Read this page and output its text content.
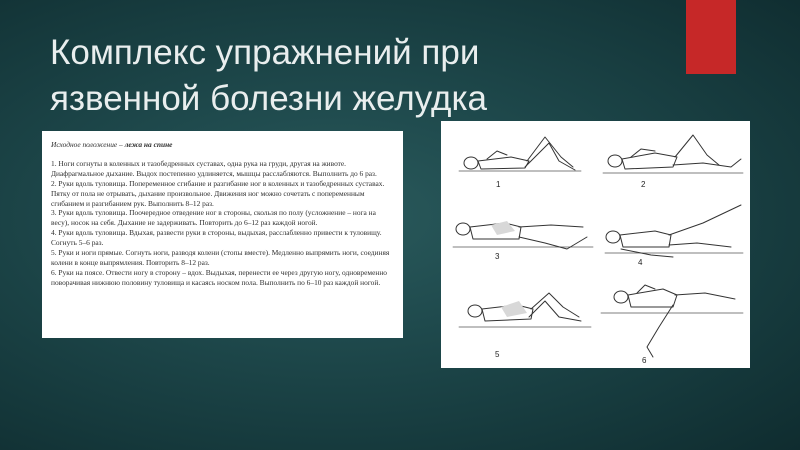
Комплекс упражнений при язвенной болезни желудка
Исходное положение – лежа на спине

1. Ноги согнуты в коленных и тазобедренных суставах, одна рука на груди, другая на животе. Диафрагмальное дыхание. Выдох постепенно удлиняется, мышцы расслабляются. Выполнить до 6 раз.

2. Руки вдоль туловища. Попеременное сгибание и разгибание ног в коленных и тазобедренных суставах. Пятку от пола не отрывать, дыхание произвольное. Движения ног можно сочетать с попеременным сгибанием и разгибанием рук. Выполнить 8–12 раз.

3. Руки вдоль туловища. Поочередное отведение ног в стороны, скользя по полу (усложнение – нога на весу), носок на себя. Дыхание не задерживать. Повторить до 6–12 раз каждой ногой.

4. Руки вдоль туловища. Вдыхая, развести руки в стороны, выдыхая, расслабленно привести к туловищу. Согнуть 5–6 раз.

5. Руки и ноги прямые. Согнуть ноги, разводя колени (стопы вместе). Медленно выпрямить ноги, соединяя колени в конце выпрямления. Повторить 8–12 раз.

6. Руки на поясе. Отвести ногу в сторону – вдох. Выдыхая, перенести ее через другую ногу, одновременно поворачивая нижнюю половину туловища и касаясь носком пола. Выполнить по 6–10 раз каждой ногой.

1	2
3
4
5
6
